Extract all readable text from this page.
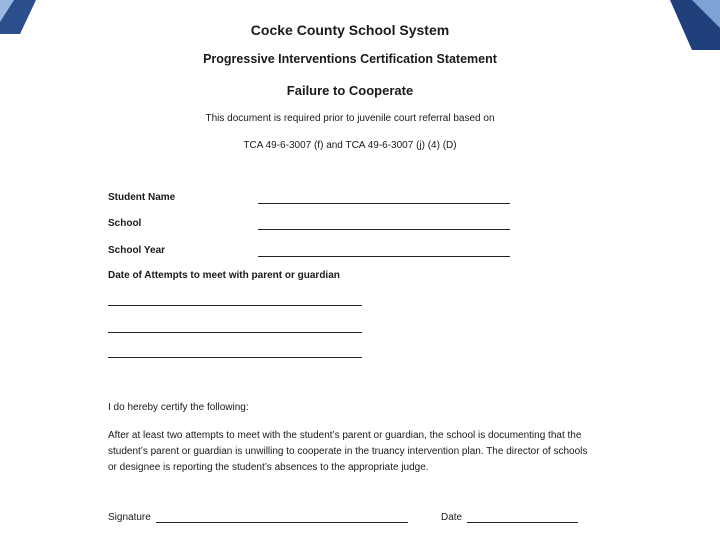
Cocke County School System
Progressive Interventions Certification Statement
Failure to Cooperate
This document is required prior to juvenile court referral based on
TCA 49-6-3007 (f) and TCA 49-6-3007 (j) (4) (D)
Student Name
School
School Year
Date of Attempts to meet with parent or guardian
I do hereby certify the following:
After at least two attempts to meet with the student’s parent or guardian, the school is documenting that the student’s parent or guardian is unwilling to cooperate in the truancy intervention plan. The director of schools or designee is reporting the student’s absences to the appropriate judge.
Signature	Date
